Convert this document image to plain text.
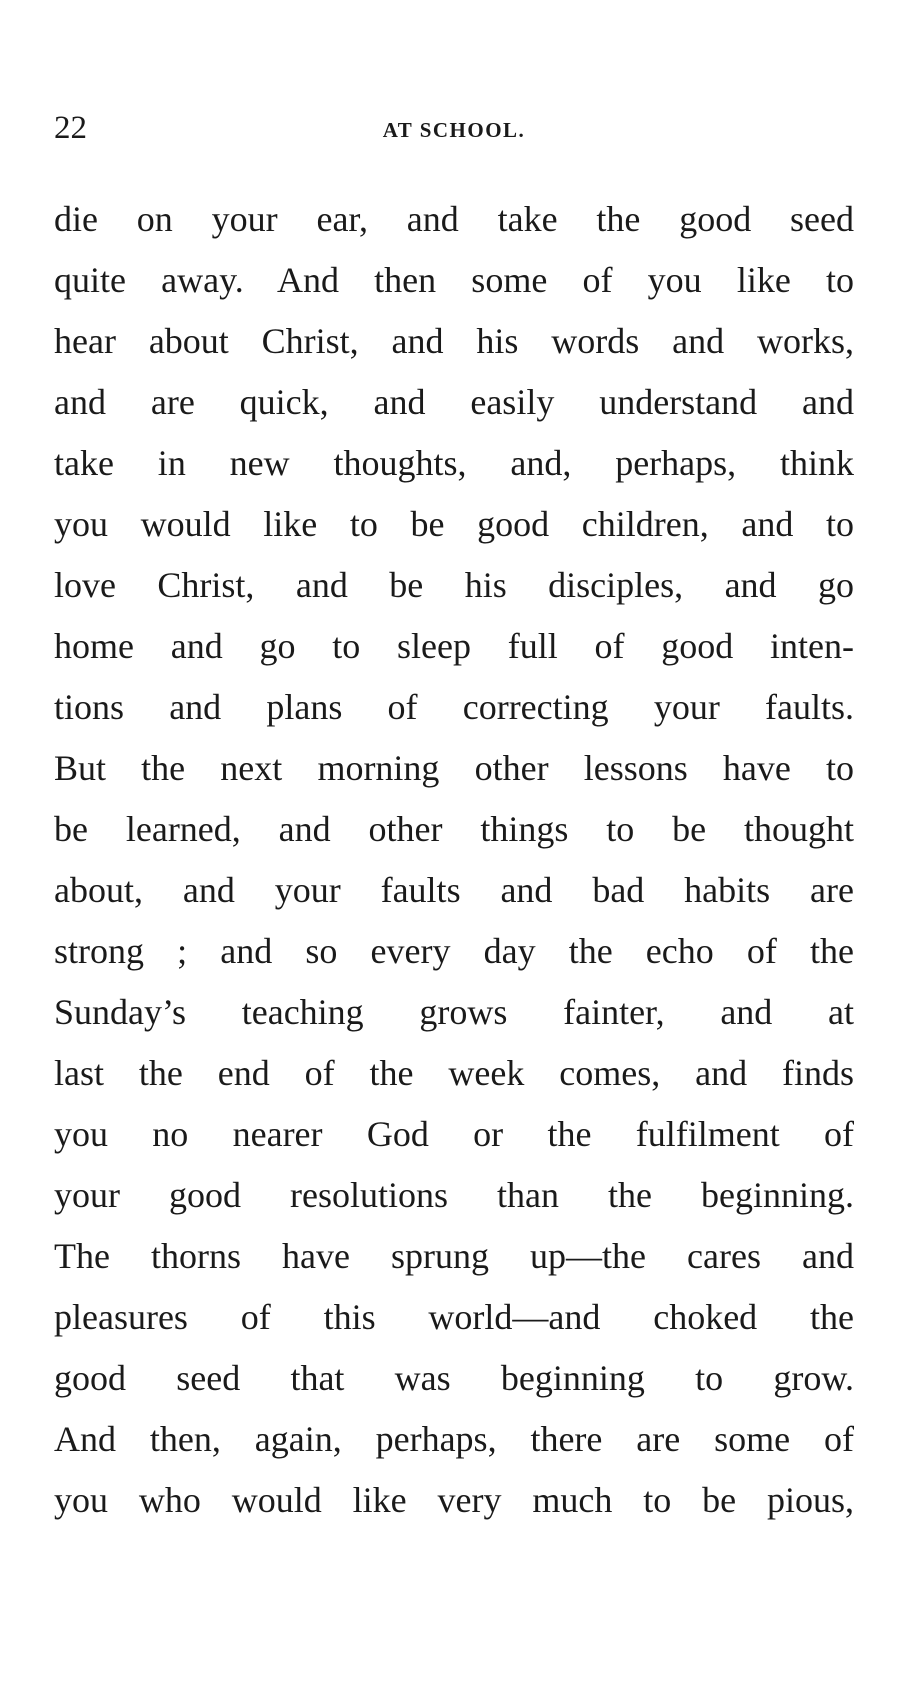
22	AT SCHOOL.
die on your ear, and take the good seed
quite away. And then some of you like to
hear about Christ, and his words and works,
and are quick, and easily understand and
take in new thoughts, and, perhaps, think
you would like to be good children, and to
love Christ, and be his disciples, and go
home and go to sleep full of good inten-
tions and plans of correcting your faults.
But the next morning other lessons have to
be learned, and other things to be thought
about, and your faults and bad habits are
strong ; and so every day the echo of the
Sunday’s teaching grows fainter, and at
last the end of the week comes, and finds
you no nearer God or the fulfilment of
your good resolutions than the beginning.
The thorns have sprung up—the cares and
pleasures of this world—and choked the
good seed that was beginning to grow.
And then, again, perhaps, there are some of
you who would like very much to be pious,
